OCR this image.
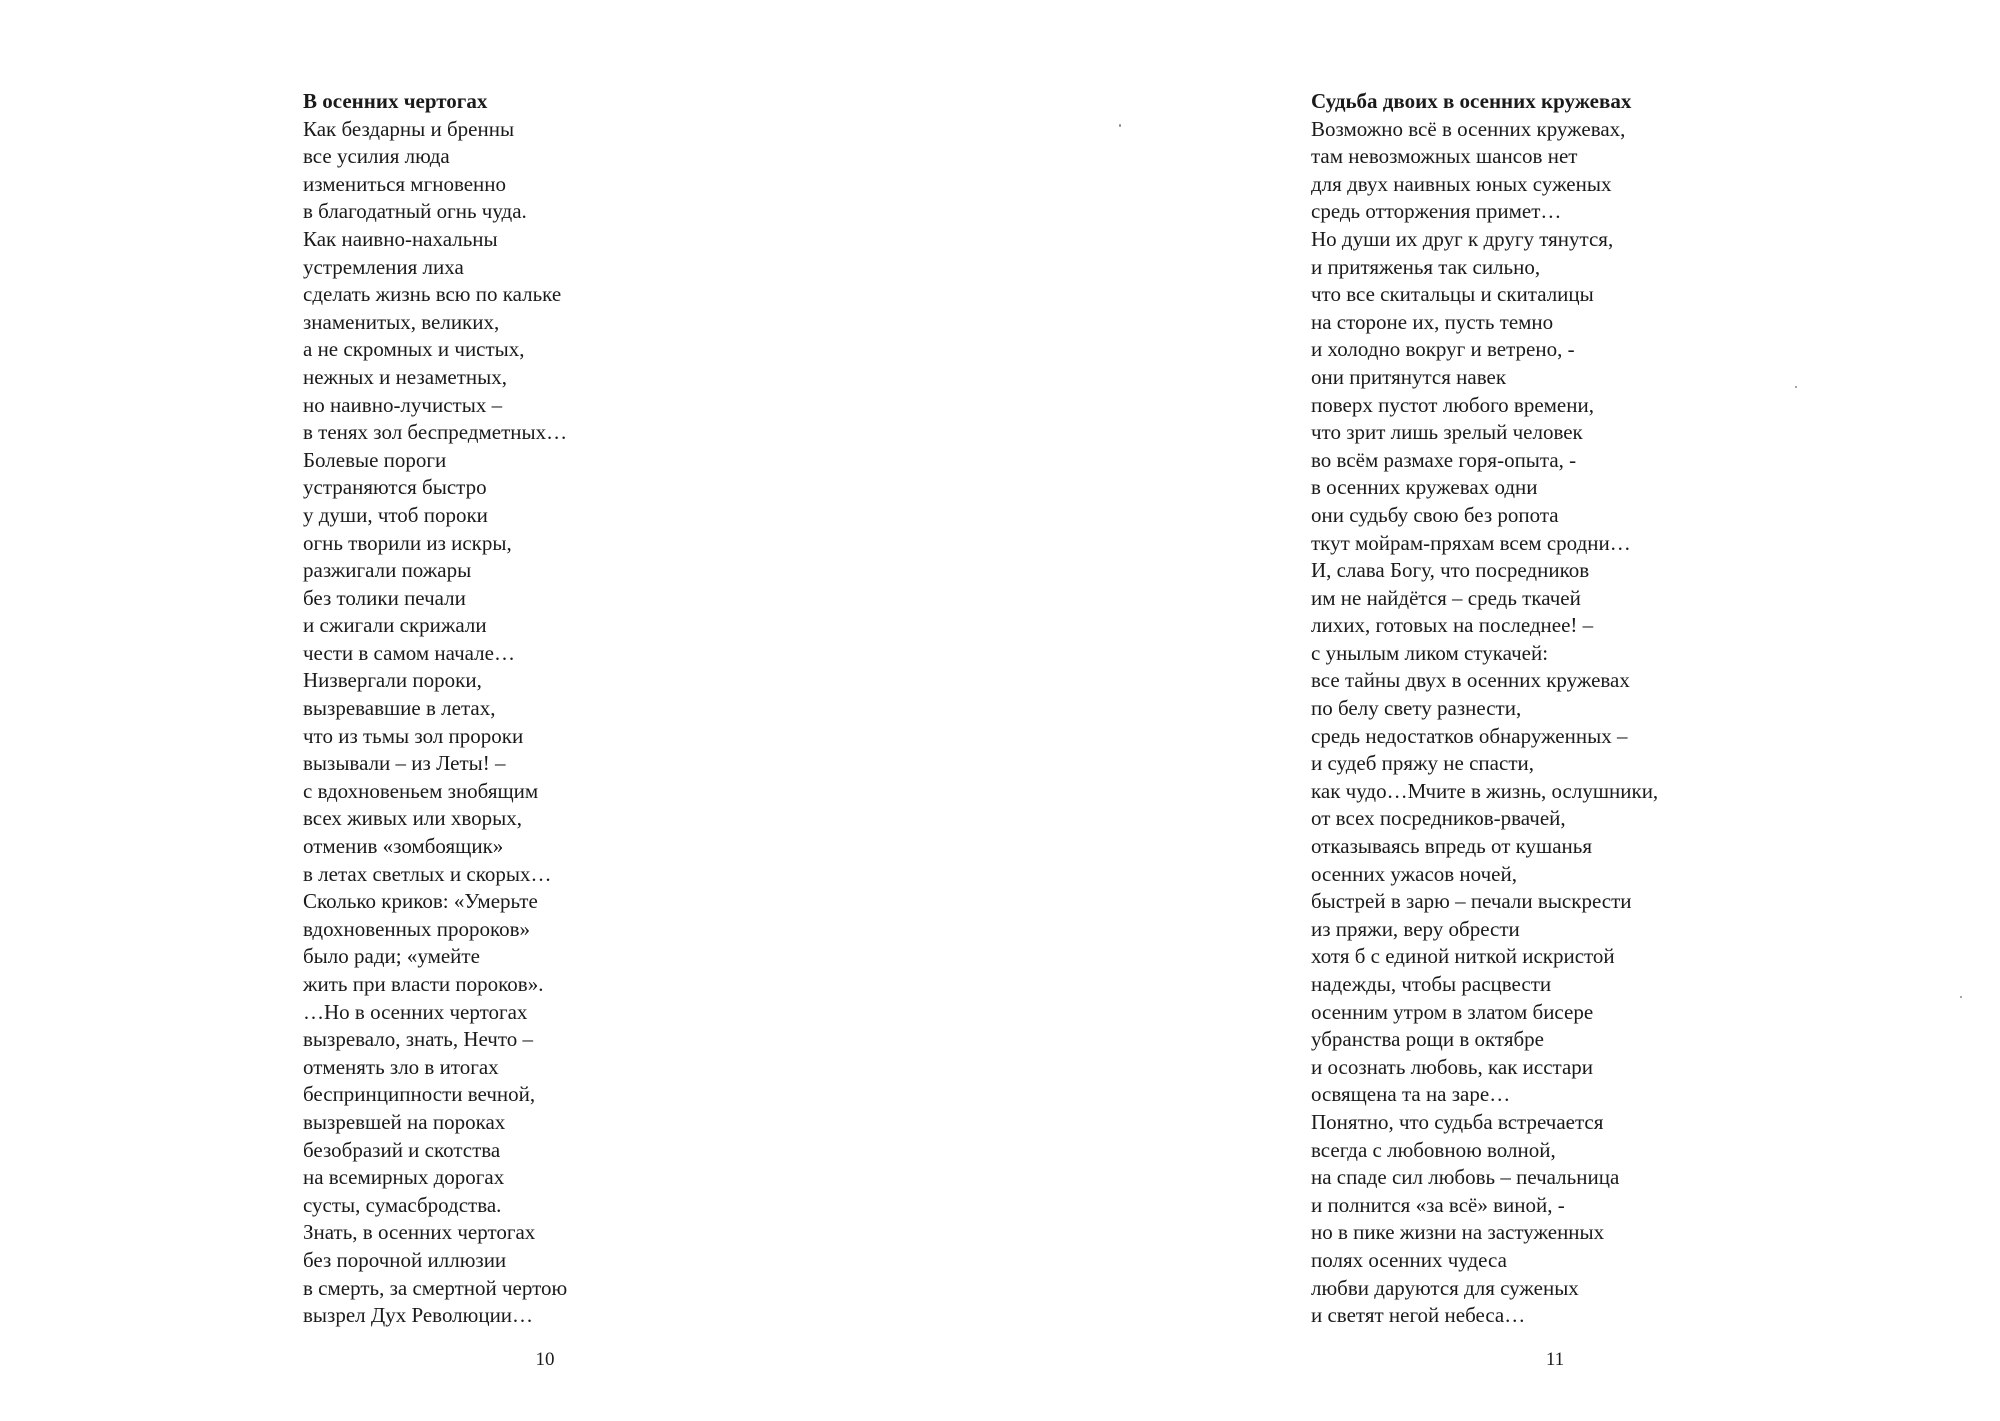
В осенних чертогах
Как бездарны и бренны
все усилия люда
измениться мгновенно
в благодатный огнь чуда.
Как наивно-нахальны
устремления лиха
сделать жизнь всю по кальке
знаменитых, великих,
а не скромных и чистых,
нежных и незаметных,
но наивно-лучистых –
в тенях зол беспредметных…
Болевые пороги
устраняются быстро
у души, чтоб пороки
огнь творили из искры,
разжигали пожары
без толики печали
и сжигали скрижали
чести в самом начале…
Низвергали пороки,
вызревавшие в летах,
что из тьмы зол пророки
вызывали – из Леты! –
с вдохновеньем знобящим
всех живых или хворых,
отменив «зомбоящик»
в летах светлых и скорых…
Сколько криков: «Умерьте
вдохновенных пророков»
было ради; «умейте
жить при власти пороков».
…Но в осенних чертогах
вызревало, знать, Нечто –
отменять зло в итогах
беспринципности вечной,
вызревшей на пороках
безобразий и скотства
на всемирных дорогах
сусты, сумасбродства.
Знать, в осенних чертогах
без порочной иллюзии
в смерть, за смертной чертою
вызрел Дух Революции…
10
Судьба двоих в осенних кружевах
Возможно всё в осенних кружевах,
там невозможных шансов нет
для двух наивных юных суженых
средь отторжения примет…
Но души их друг к другу тянутся,
и притяженья так сильно,
что все скитальцы и скиталицы
на стороне их, пусть темно
и холодно вокруг и ветрено, -
они притянутся навек
поверх пустот любого времени,
что зрит лишь зрелый человек
во всём размахе горя-опыта, -
в осенних кружевах одни
они судьбу свою без ропота
ткут мойрам-пряхам всем сродни…
И, слава Богу, что посредников
им не найдётся – средь ткачей
лихих, готовых на последнее! –
с унылым ликом стукачей:
все тайны двух в осенних кружевах
по белу свету разнести,
средь недостатков обнаруженных –
и судеб пряжу не спасти,
как чудо…Мчите в жизнь, ослушники,
от всех посредников-рвачей,
отказываясь впредь от кушанья
осенних ужасов ночей,
быстрей в зарю – печали выскрести
из пряжи, веру обрести
хотя б с единой ниткой искристой
надежды, чтобы расцвести
осенним утром в златом бисере
убранства рощи в октябре
и осознать любовь, как исстари
освящена та на заре…
Понятно, что судьба встречается
всегда с любовною волной,
на спаде сил любовь – печальница
и полнится «за всё» виной, -
но в пике жизни на застуженных
полях осенних чудеса
любви даруются для суженых
и светят негой небеса…
11
